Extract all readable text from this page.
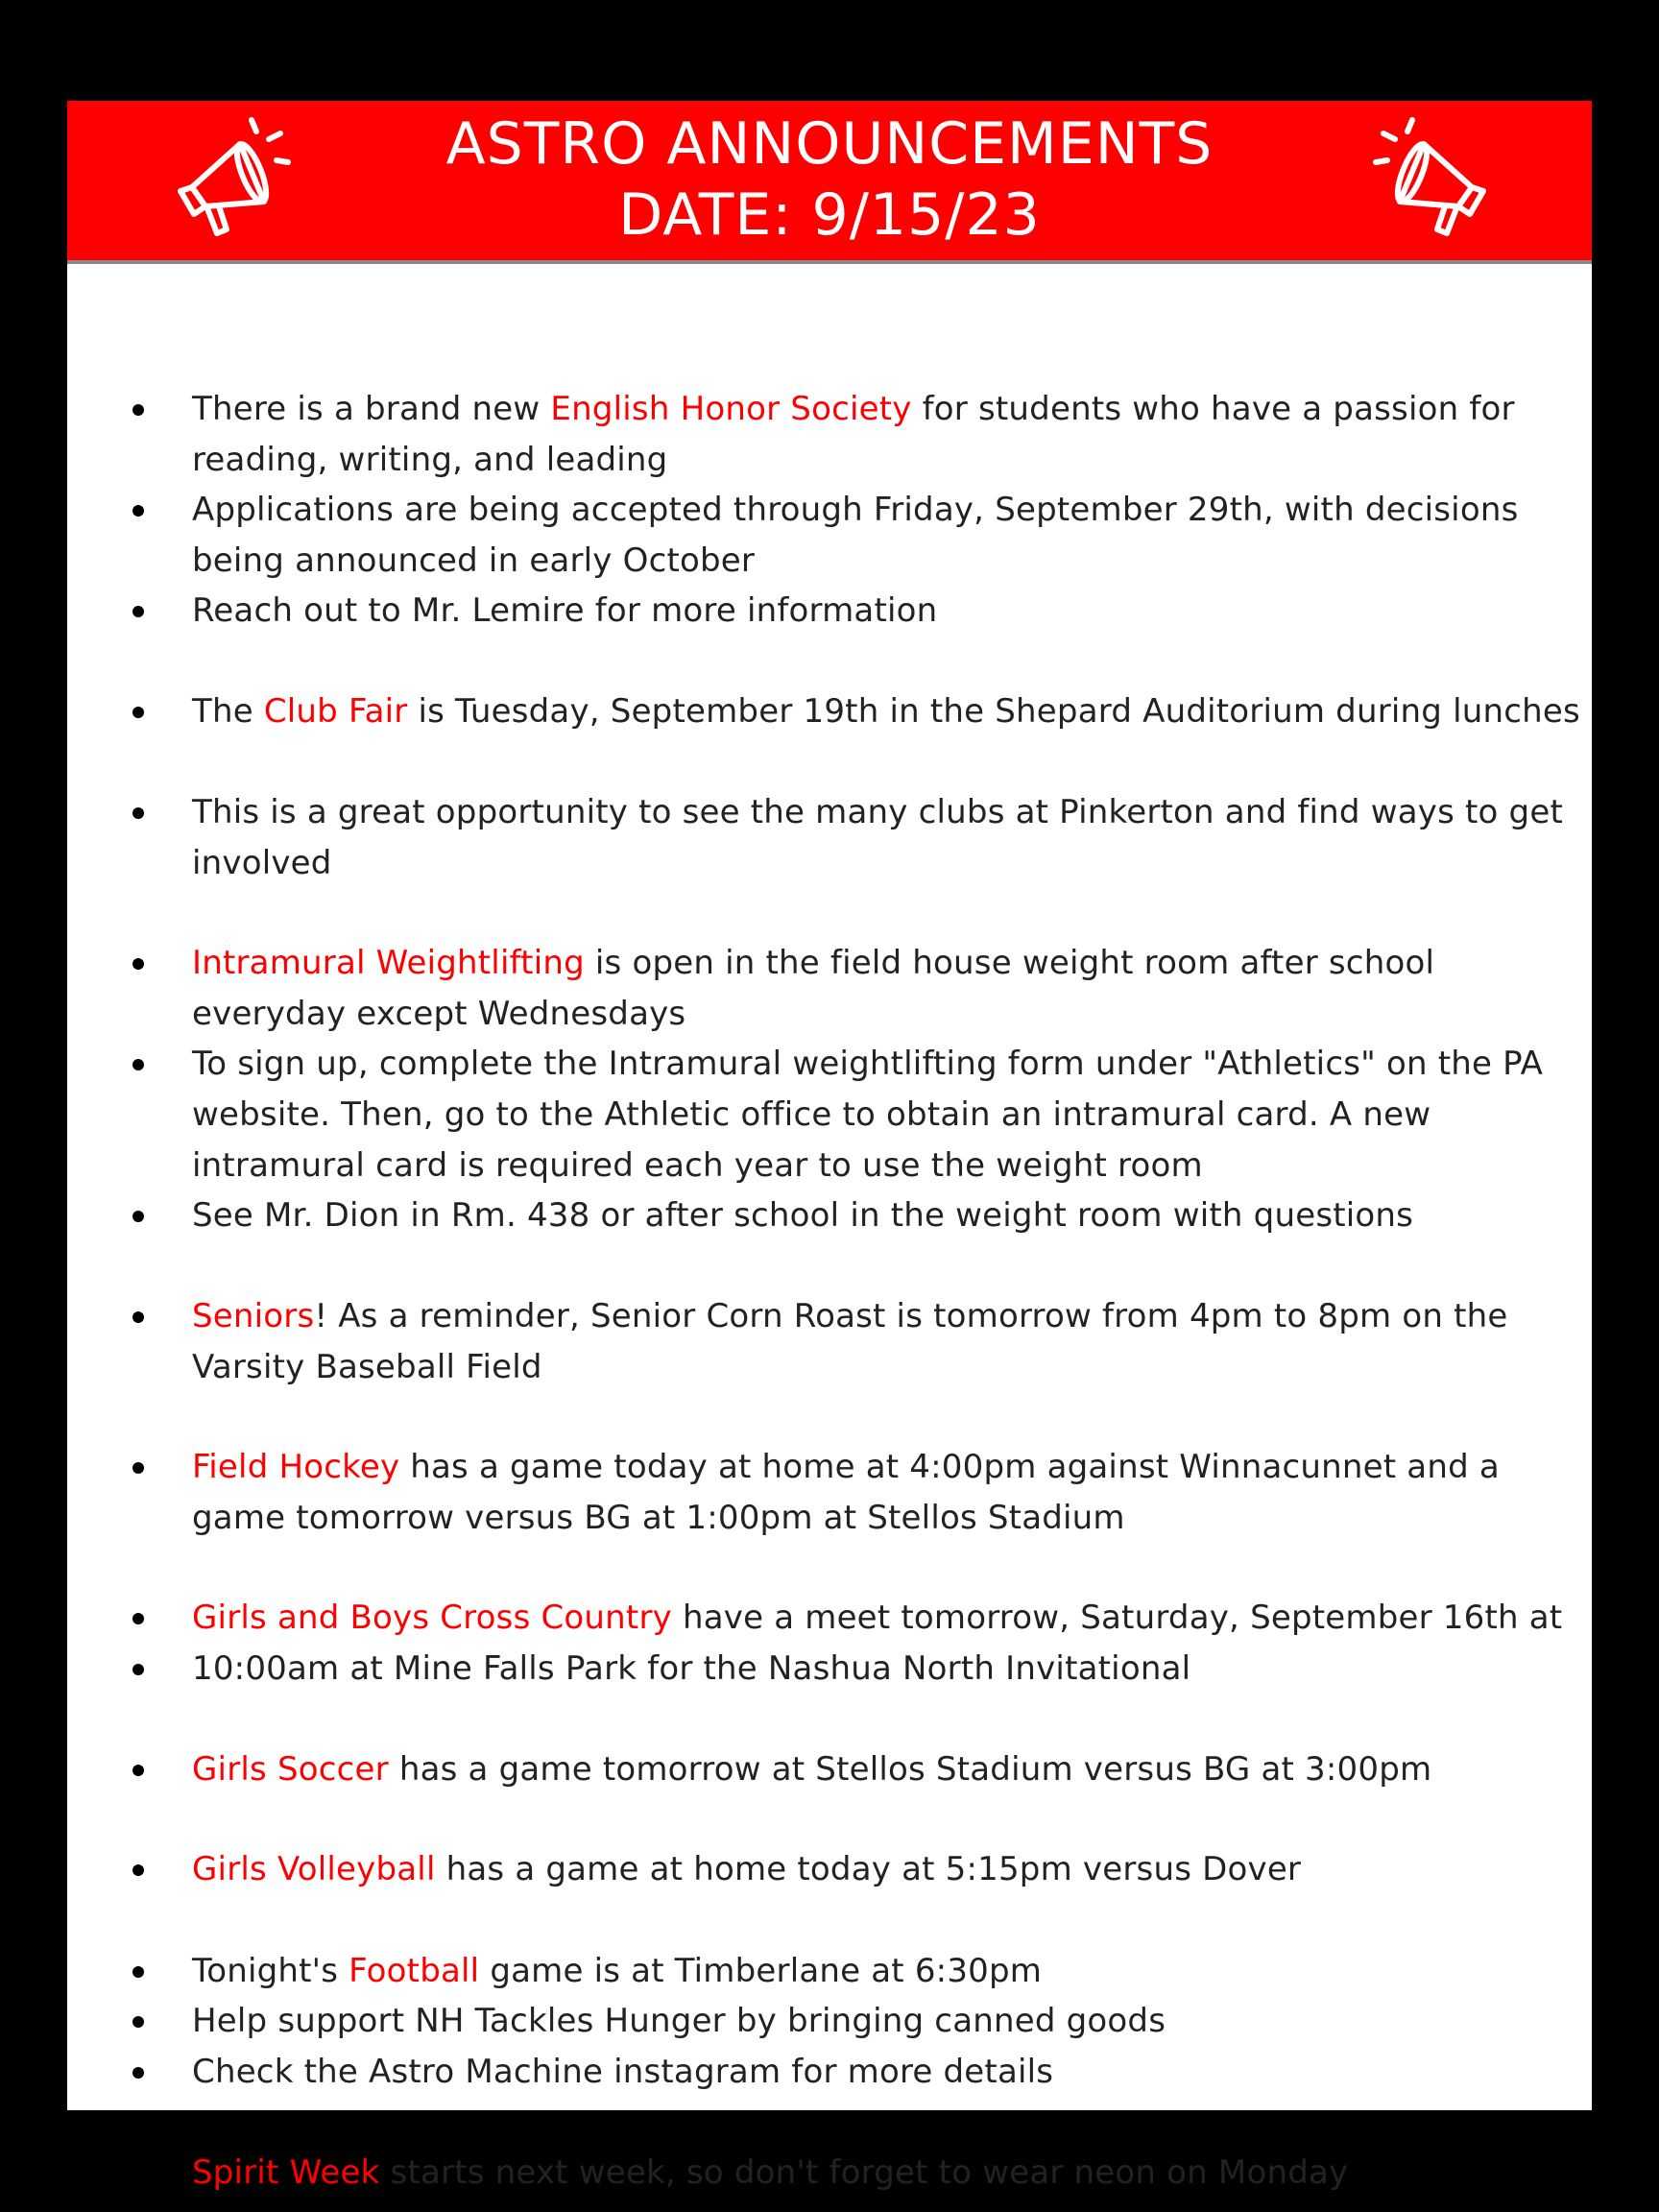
ASTRO ANNOUNCEMENTS
DATE: 9/15/23
There is a brand new English Honor Society for students who have a passion for reading, writing, and leading
Applications are being accepted through Friday, September 29th, with decisions being announced in early October
Reach out to Mr. Lemire for more information
The Club Fair is Tuesday, September 19th in the Shepard Auditorium during lunches
This is a great opportunity to see the many clubs at Pinkerton and find ways to get involved
Intramural Weightlifting is open in the field house weight room after school everyday except Wednesdays
To sign up, complete the Intramural weightlifting form under "Athletics" on the PA website. Then, go to the Athletic office to obtain an intramural card. A new intramural card is required each year to use the weight room
See Mr. Dion in Rm. 438 or after school in the weight room with questions
Seniors! As a reminder, Senior Corn Roast is tomorrow from 4pm to 8pm on the Varsity Baseball Field
Field Hockey has a game today at home at 4:00pm against Winnacunnet and a game tomorrow versus BG at 1:00pm at Stellos Stadium
Girls and Boys Cross Country have a meet tomorrow, Saturday, September 16th at
10:00am at Mine Falls Park for the Nashua North Invitational
Girls Soccer has a game tomorrow at Stellos Stadium versus BG at 3:00pm
Girls Volleyball has a game at home today at 5:15pm versus Dover
Tonight's Football game is at Timberlane at 6:30pm
Help support NH Tackles Hunger by bringing canned goods
Check the Astro Machine instagram for more details
Spirit Week starts next week, so don't forget to wear neon on Monday
